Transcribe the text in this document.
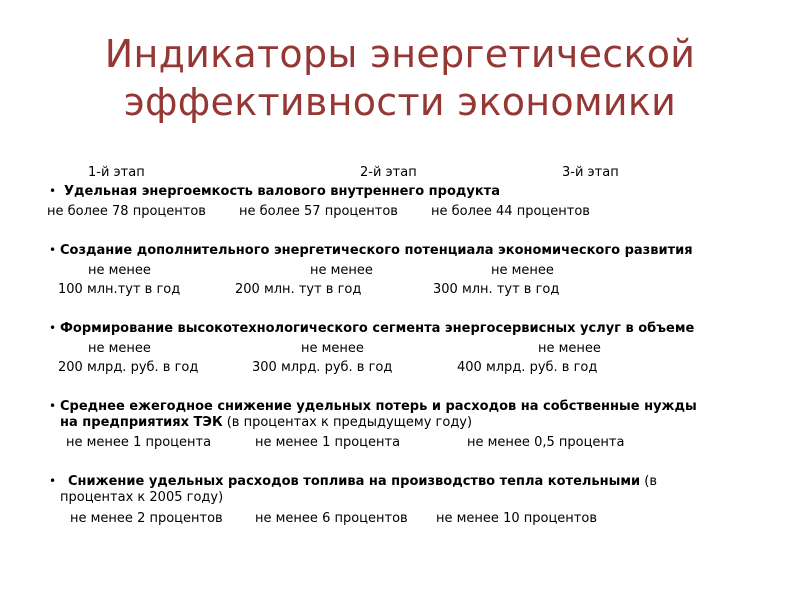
Индикаторы энергетической
эффективности экономики
1-й этап	2-й этап	3-й этап
• Удельная энергоемкость валового внутреннего продукта
не более 78 процентов	не более 57 процентов	не более 44 процентов
• Создание дополнительного энергетического потенциала экономического развития
не менее	не менее	не менее
100 млн.тут в год	200 млн. тут в год	300 млн. тут в год
• Формирование высокотехнологического сегмента энергосервисных услуг в объеме
не менее	не менее	не менее
200 млрд. руб. в год	300 млрд. руб. в год	400 млрд. руб. в год
• Среднее ежегодное снижение удельных потерь и расходов на собственные нужды
на предприятиях ТЭК (в процентах к предыдущему году)
не менее 1 процента	не менее 1 процента	не менее 0,5 процента
• Снижение удельных расходов топлива на производство тепла котельными (в
процентах к 2005 году)
не менее 2 процентов не менее 6 процентов не менее 10 процентов
